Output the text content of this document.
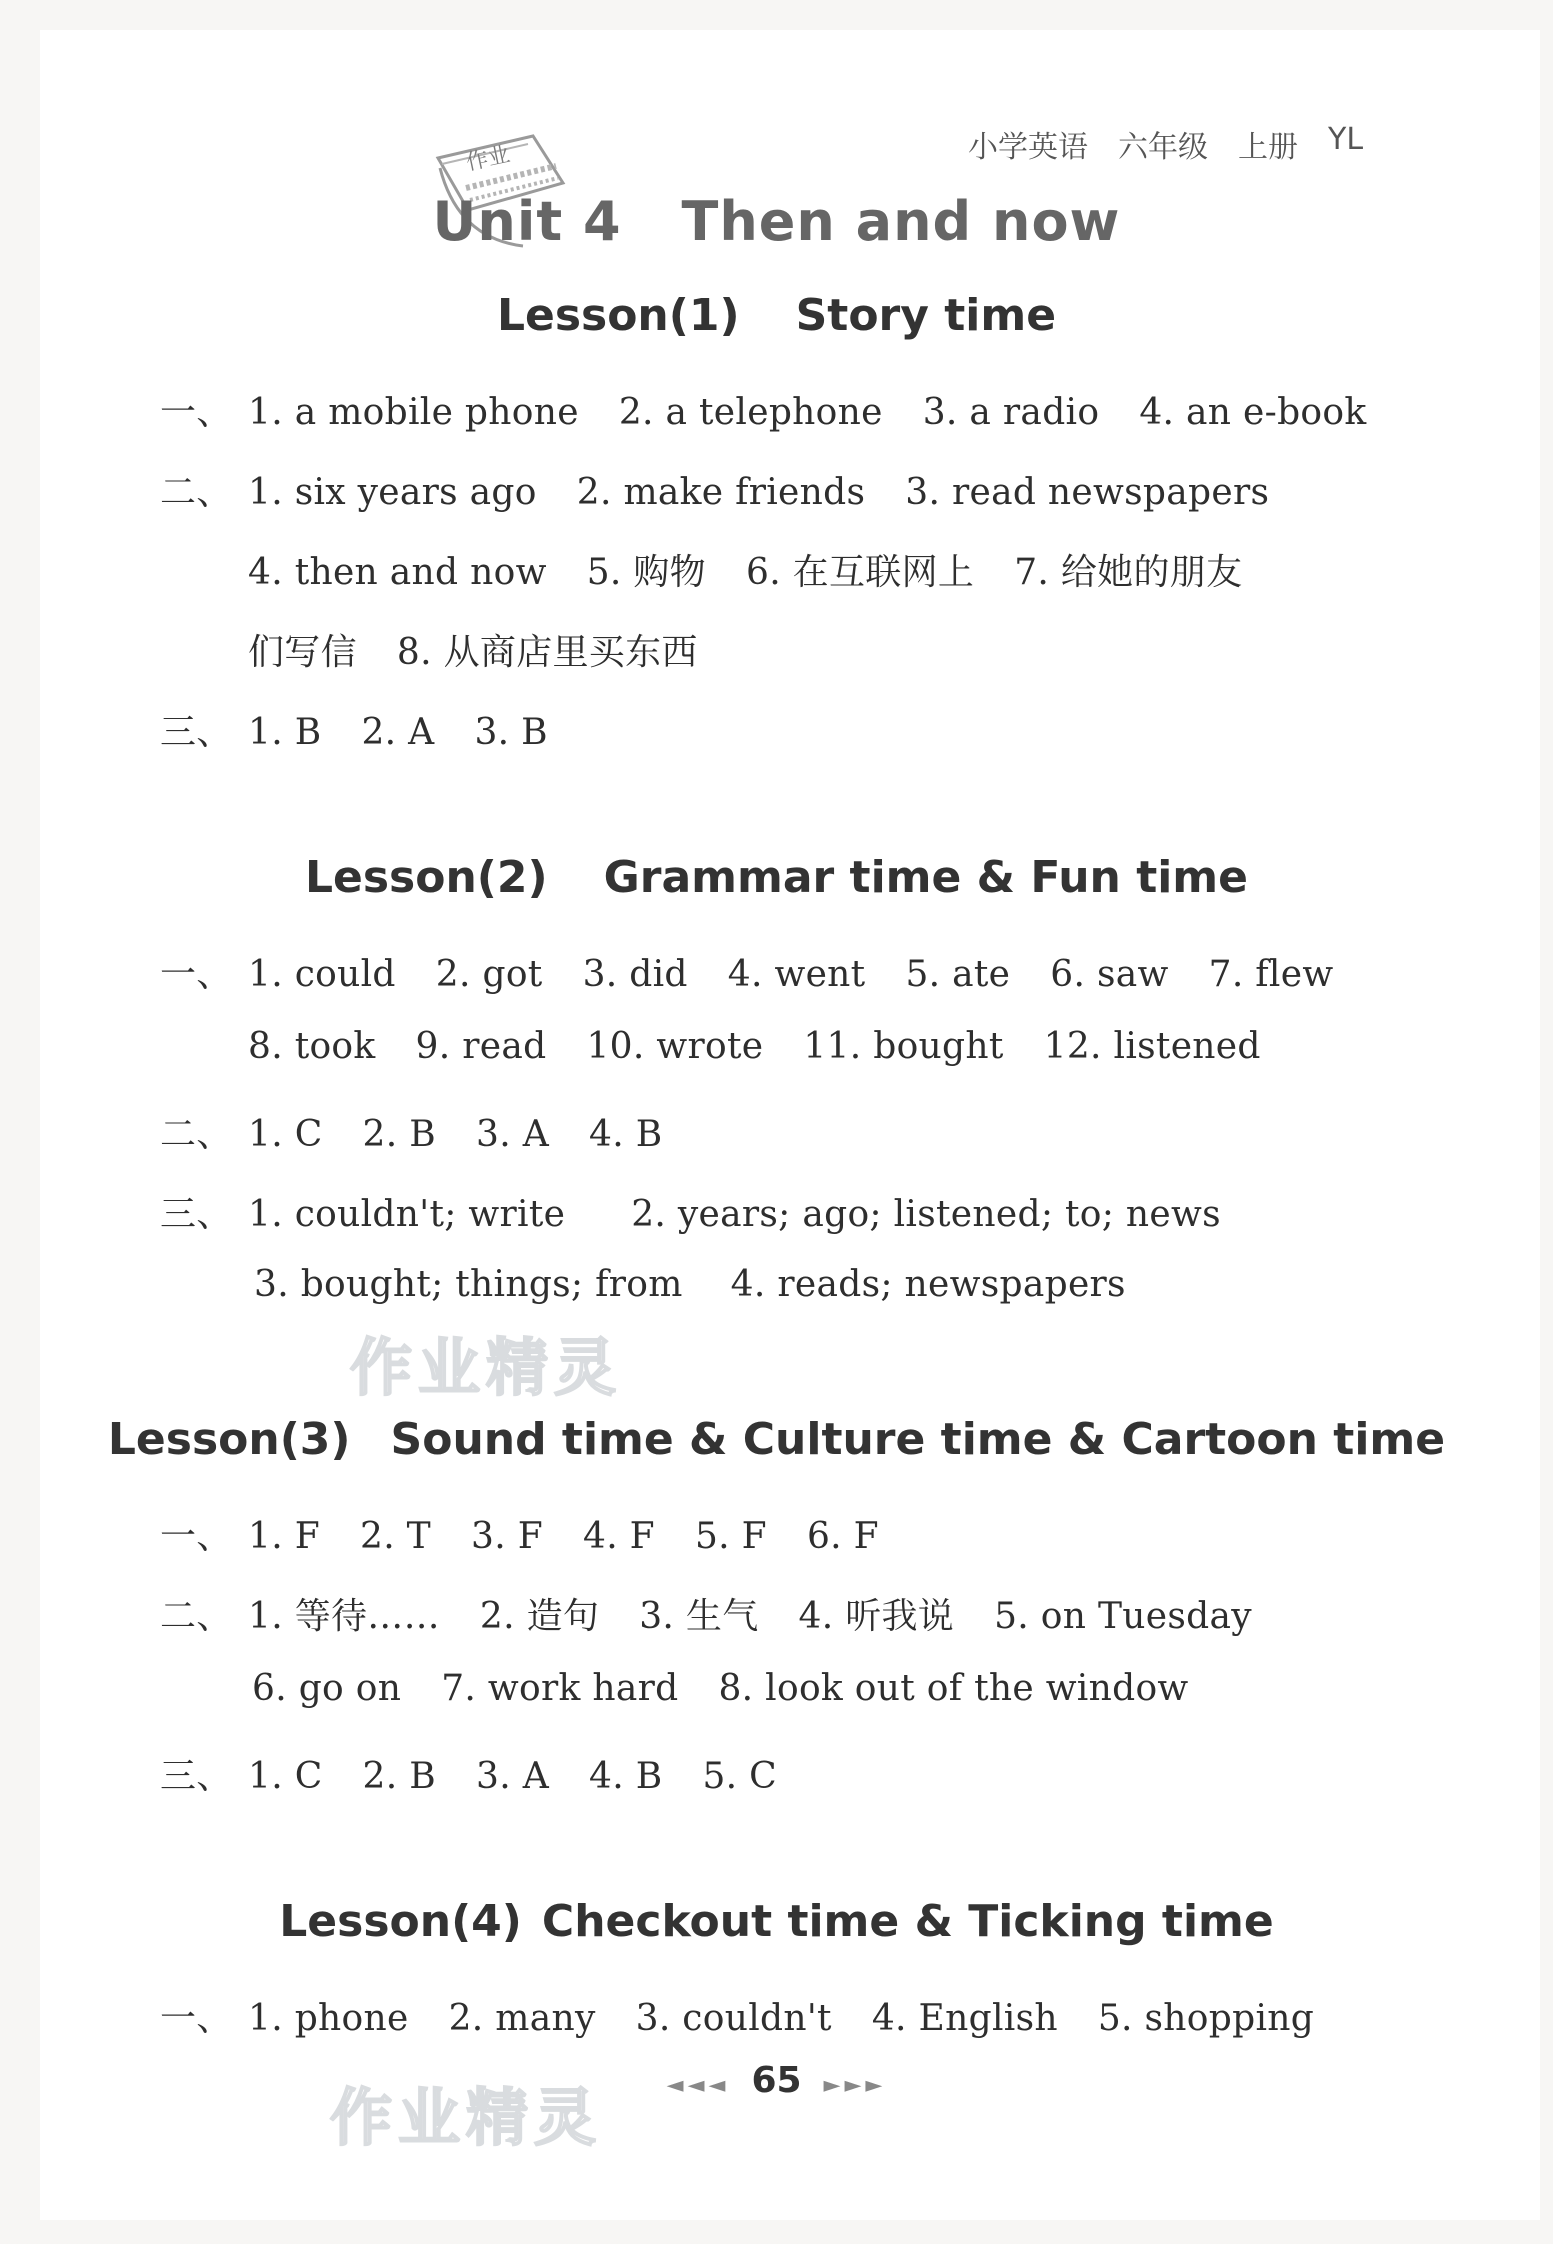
小学英语 六年级 上册 YL
作业
Unit 4 Then and now
Lesson(1) Story time
一、 1. a mobile phone 2. a telephone 3. a radio 4. an e-book
二、 1. six years ago 2. make friends 3. read newspapers
4. then and now 5. 购物 6. 在互联网上 7. 给她的朋友
们写信 8. 从商店里买东西
三、 1. B 2. A 3. B
Lesson(2) Grammar time & Fun time
一、 1. could 2. got 3. did 4. went 5. ate 6. saw 7. flew
8. took 9. read 10. wrote 11. bought 12. listened
二、 1. C 2. B 3. A 4. B
三、 1. couldn't; write 2. years; ago; listened; to; news
3. bought; things; from 4. reads; newspapers
作业精灵
Lesson(3) Sound time & Culture time & Cartoon time
一、 1. F 2. T 3. F 4. F 5. F 6. F
二、 1. 等待…… 2. 造句 3. 生气 4. 听我说 5. on Tuesday
6. go on 7. work hard 8. look out of the window
三、 1. C 2. B 3. A 4. B 5. C
Lesson(4) Checkout time & Ticking time
一、 1. phone 2. many 3. couldn't 4. English 5. shopping
作业精灵	◄◄◄ 65 ►►►
